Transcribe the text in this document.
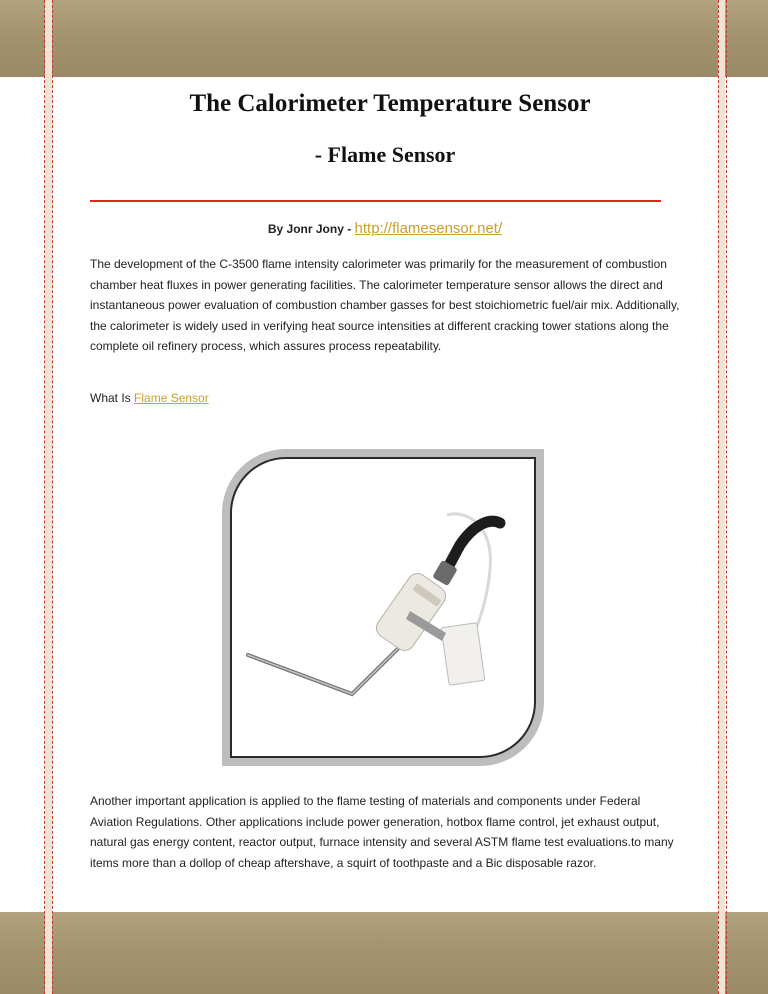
The Calorimeter Temperature Sensor
- Flame Sensor
By Jonr Jony - http://flamesensor.net/

The development of the C-3500 flame intensity calorimeter was primarily for the measurement of combustion chamber heat fluxes in power generating facilities. The calorimeter temperature sensor allows the direct and instantaneous power evaluation of combustion chamber gasses for best stoichiometric fuel/air mix. Additionally, the calorimeter is widely used in verifying heat source intensities at different cracking tower stations along the complete oil refinery process, which assures process repeatability.

What Is Flame Sensor

Another important application is applied to the flame testing of materials and components under Federal Aviation Regulations. Other applications include power generation, hotbox flame control, jet exhaust output, natural gas energy content, reactor output, furnace intensity and several ASTM flame test evaluations.to many items more than a dollop of cheap aftershave, a squirt of toothpaste and a Bic disposable razor.
